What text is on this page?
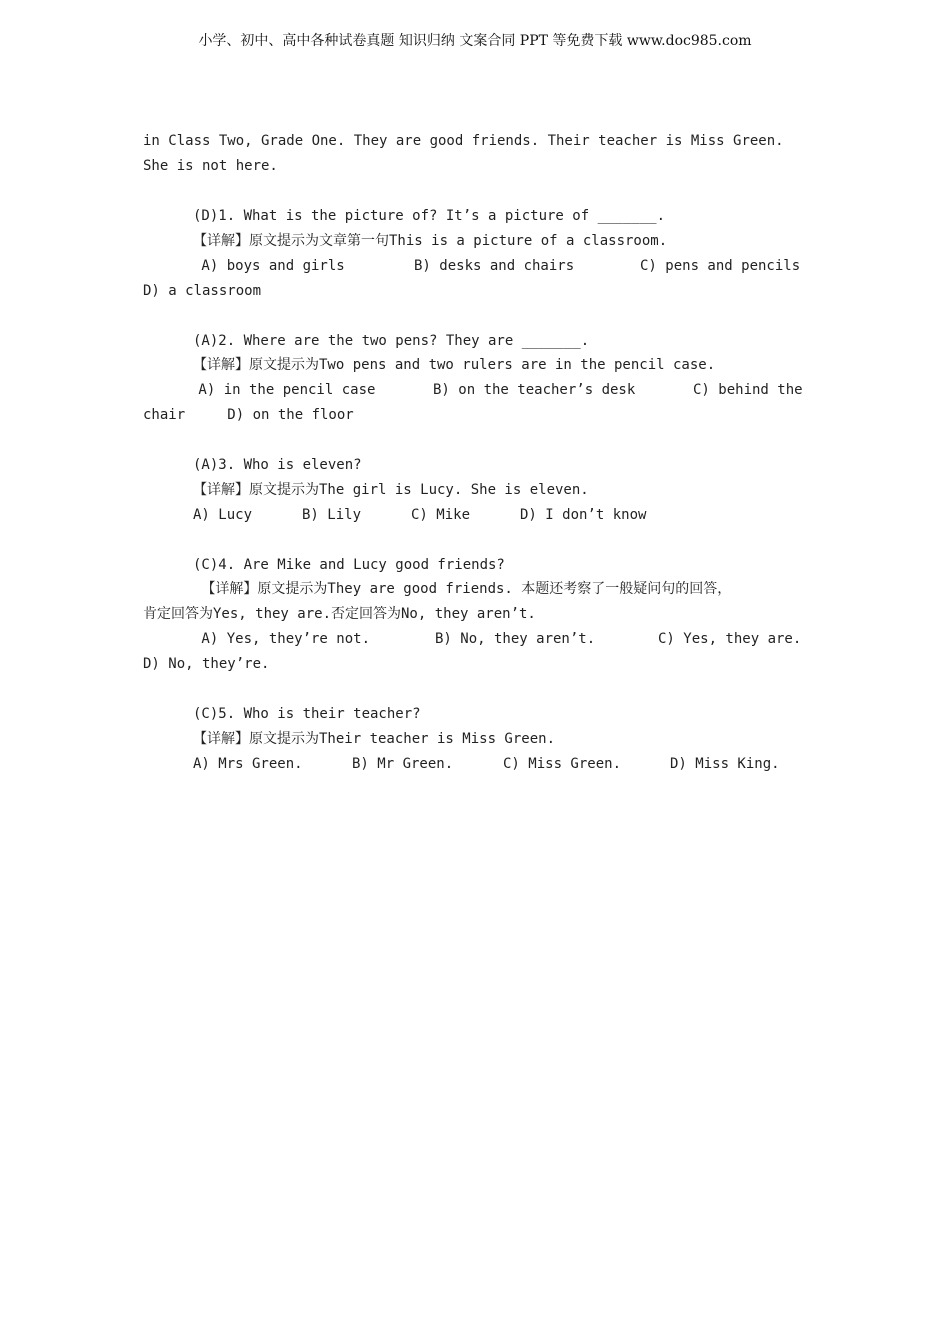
小学、初中、高中各种试卷真题 知识归纳 文案合同 PPT 等免费下载 www.doc985.com
in Class Two, Grade One. They are good friends. Their teacher is Miss Green.
She is not here.
(D)1. What is the picture of? It’s a picture of _______.
【详解】原文提示为文章第一句This is a picture of a classroom.
A) boys and girls	B) desks and chairs	C) pens and pencils
D) a classroom
(A)2. Where are the two pens? They are _______.
【详解】原文提示为Two pens and two rulers are in the pencil case.
A) in the pencil case	B) on the teacher’s desk	C) behind the
chair     D) on the floor
(A)3. Who is eleven?
【详解】原文提示为The girl is Lucy. She is eleven.
A) Lucy	B) Lily	C) Mike	D) I don’t know
(C)4. Are Mike and Lucy good friends?
【详解】原文提示为They are good friends. 本题还考察了一般疑问句的回答，
肯定回答为Yes, they are.否定回答为No, they aren’t.
A) Yes, they’re not.	B) No, they aren’t.	C) Yes, they are.
D) No, they’re.
(C)5. Who is their teacher?
【详解】原文提示为Their teacher is Miss Green.
A) Mrs Green.	B) Mr Green.	C) Miss Green.	D) Miss King.
